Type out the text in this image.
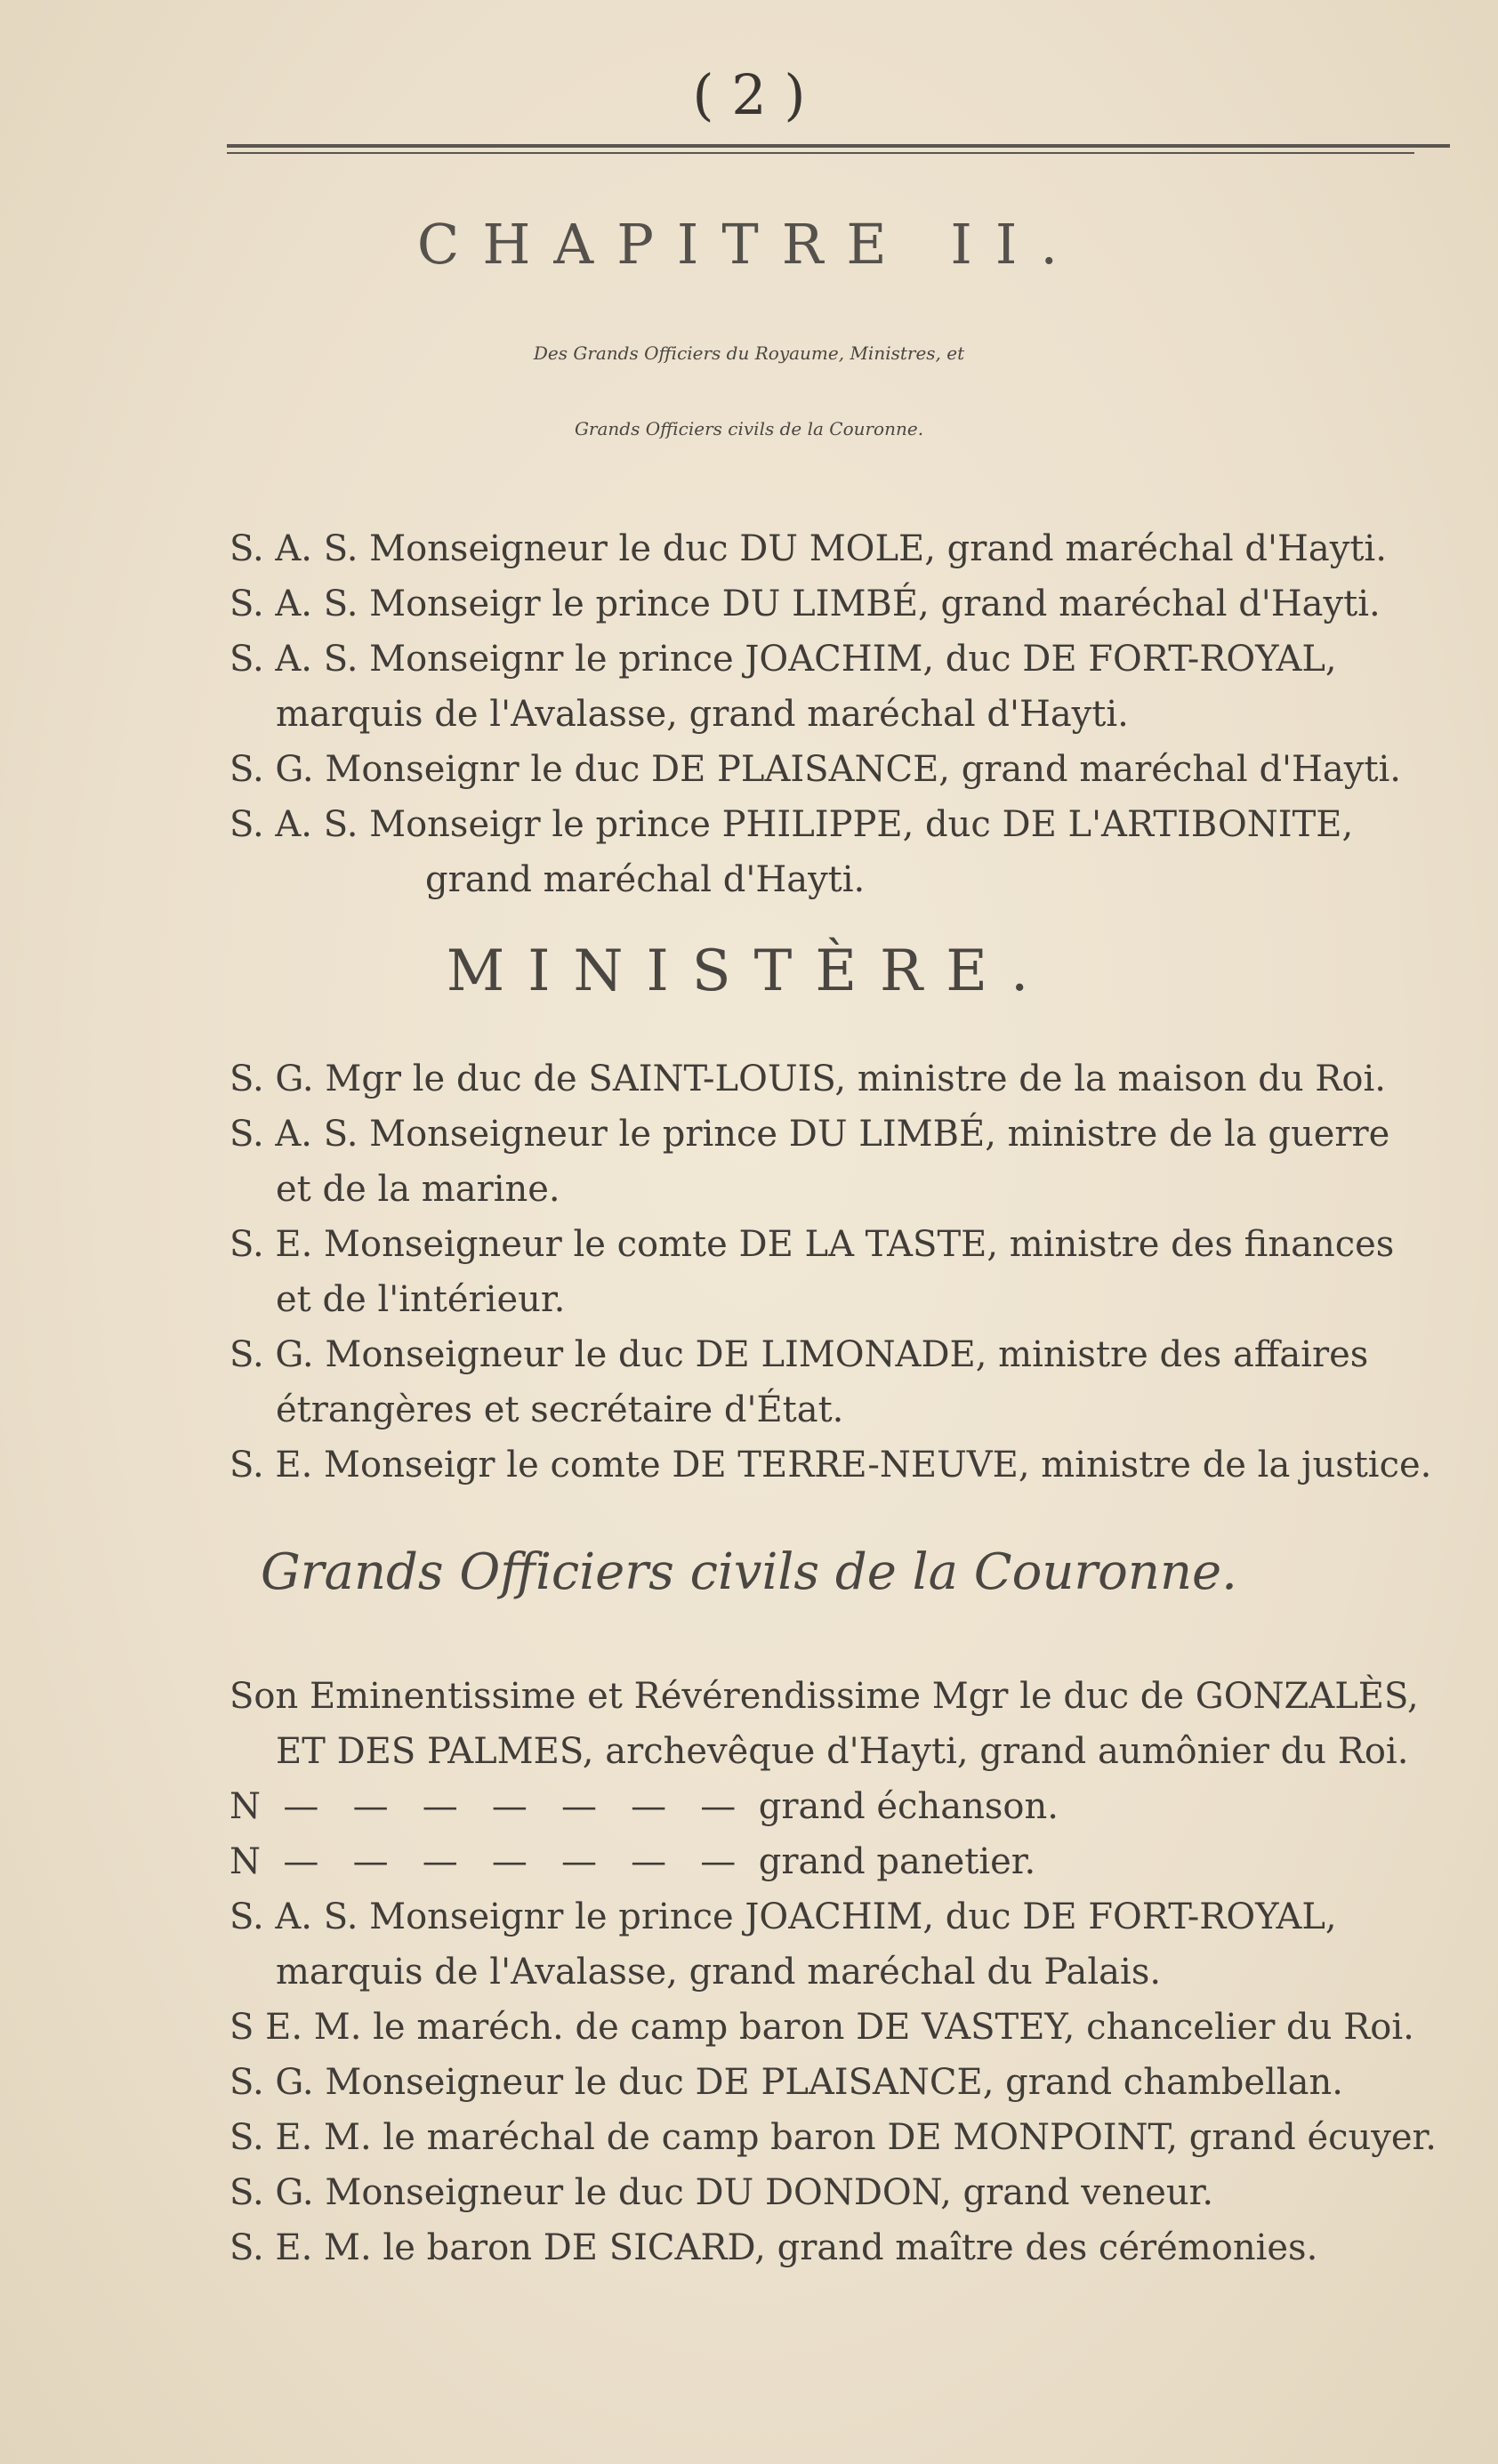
( 2 )
CHAPITRE II.
Des Grands Officiers du Royaume, Ministres, et
Grands Officiers civils de la Couronne.
S. A. S. Monseigneur le duc DU MOLE, grand maréchal d'Hayti.
S. A. S. Monseigr le prince DU LIMBÉ, grand maréchal d'Hayti.
S. A. S. Monseignr le prince JOACHIM, duc DE FORT-ROYAL,
marquis de l'Avalasse, grand maréchal d'Hayti.
S. G. Monseignr le duc DE PLAISANCE, grand maréchal d'Hayti.
S. A. S. Monseigr le prince PHILIPPE, duc DE L'ARTIBONITE,
grand maréchal d'Hayti.
MINISTÈRE.
S. G. Mgr le duc de SAINT-LOUIS, ministre de la maison du Roi.
S. A. S. Monseigneur le prince DU LIMBÉ, ministre de la guerre
et de la marine.
S. E. Monseigneur le comte DE LA TASTE, ministre des finances
et de l'intérieur.
S. G. Monseigneur le duc DE LIMONADE, ministre des affaires
étrangères et secrétaire d'État.
S. E. Monseigr le comte DE TERRE-NEUVE, ministre de la justice.
Grands Officiers civils de la Couronne.
Son Eminentissime et Révérendissime Mgr le duc de GONZALÈS,
ET DES PALMES, archevêque d'Hayti, grand aumônier du Roi.
N  —   —   —   —   —   —   —  grand échanson.
N  —   —   —   —   —   —   —  grand panetier.
S. A. S. Monseignr le prince JOACHIM, duc DE FORT-ROYAL,
marquis de l'Avalasse, grand maréchal du Palais.
S E. M. le maréch. de camp baron DE VASTEY, chancelier du Roi.
S. G. Monseigneur le duc DE PLAISANCE, grand chambellan.
S. E. M. le maréchal de camp baron DE MONPOINT, grand écuyer.
S. G. Monseigneur le duc DU DONDON, grand veneur.
S. E. M. le baron DE SICARD, grand maître des cérémonies.
